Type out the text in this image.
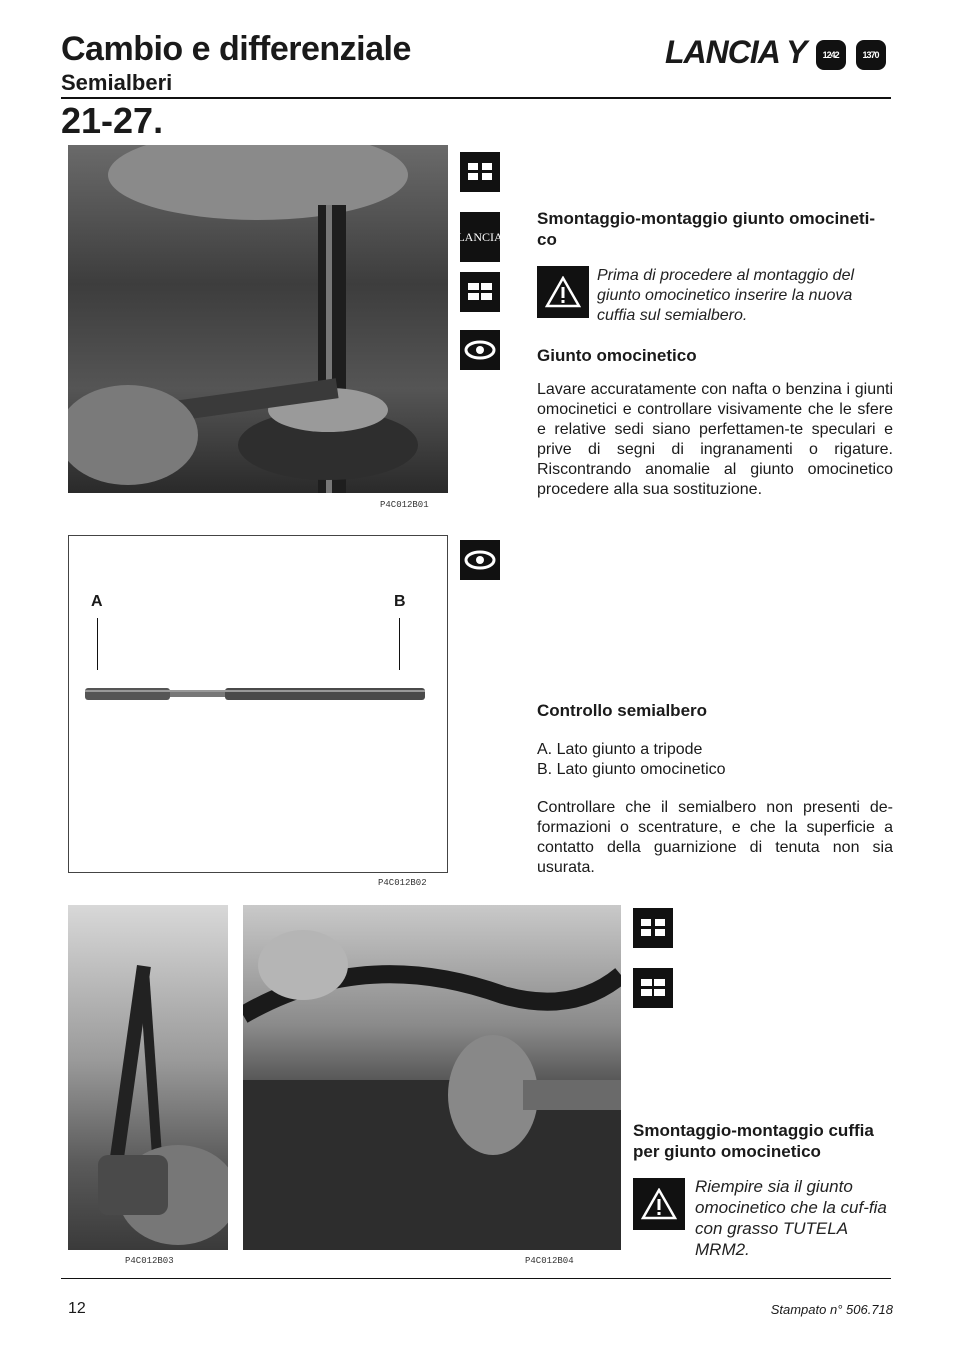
Cambio e differenziale
Semialberi
LANCIA Y 1242	1370
21-27.
P4C012B01
LANCIA
Smontaggio-montaggio giunto omocineti-co
Prima di procedere al montaggio del giunto omocinetico inserire la nuova cuffia sul semialbero.
Giunto omocinetico
Lavare accuratamente con nafta o benzina i giunti omocinetici e controllare visivamente che le sfere e relative sedi siano perfettamen-te speculari e prive di segni di ingranamenti o rigature. Riscontrando anomalie al giunto omocinetico procedere alla sua sostituzione.
A	B
P4C012B02
Controllo semialbero
A. Lato giunto a tripode
B. Lato giunto omocinetico
Controllare che il semialbero non presenti de-formazioni o scentrature, e che la superficie a contatto della guarnizione di tenuta non sia usurata.
P4C012B03	P4C012B04
Smontaggio-montaggio cuffia per giunto omocinetico
Riempire sia il giunto omocinetico che la cuf-fia con grasso TUTELA MRM2.
12	Stampato n° 506.718
